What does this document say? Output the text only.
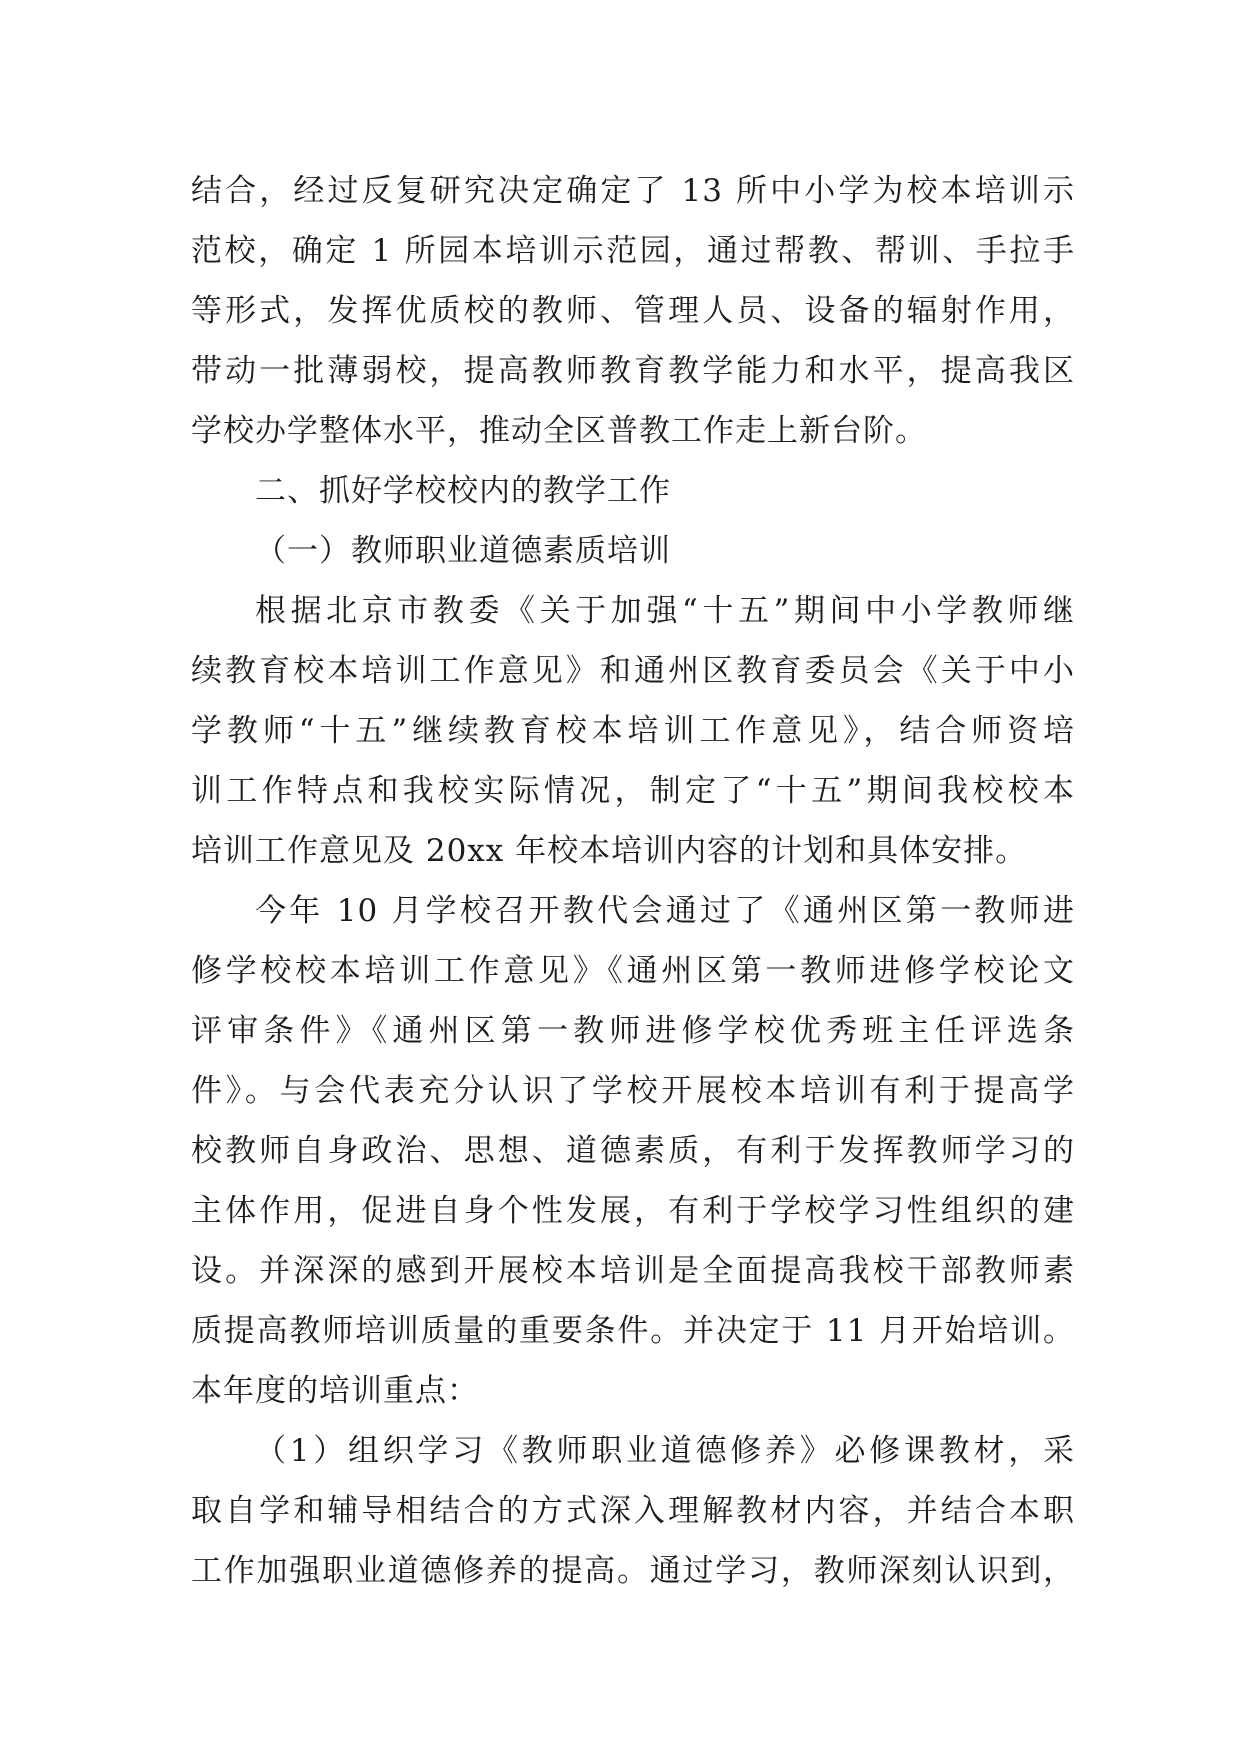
结合，经过反复研究决定确定了 13 所中小学为校本培训示
范校，确定 1 所园本培训示范园，通过帮教、帮训、手拉手
等形式，发挥优质校的教师、管理人员、设备的辐射作用，
带动一批薄弱校，提高教师教育教学能力和水平，提高我区
学校办学整体水平，推动全区普教工作走上新台阶。
二、抓好学校校内的教学工作
（一）教师职业道德素质培训
根据北京市教委《关于加强“十五”期间中小学教师继
续教育校本培训工作意见》和通州区教育委员会《关于中小
学教师“十五”继续教育校本培训工作意见》，结合师资培
训工作特点和我校实际情况，制定了“十五”期间我校校本
培训工作意见及 20xx 年校本培训内容的计划和具体安排。
今年 10 月学校召开教代会通过了《通州区第一教师进
修学校校本培训工作意见》《通州区第一教师进修学校论文
评审条件》《通州区第一教师进修学校优秀班主任评选条
件》。与会代表充分认识了学校开展校本培训有利于提高学
校教师自身政治、思想、道德素质，有利于发挥教师学习的
主体作用，促进自身个性发展，有利于学校学习性组织的建
设。并深深的感到开展校本培训是全面提高我校干部教师素
质提高教师培训质量的重要条件。并决定于 11 月开始培训。
本年度的培训重点：
（1）组织学习《教师职业道德修养》必修课教材，采
取自学和辅导相结合的方式深入理解教材内容，并结合本职
工作加强职业道德修养的提高。通过学习，教师深刻认识到，
